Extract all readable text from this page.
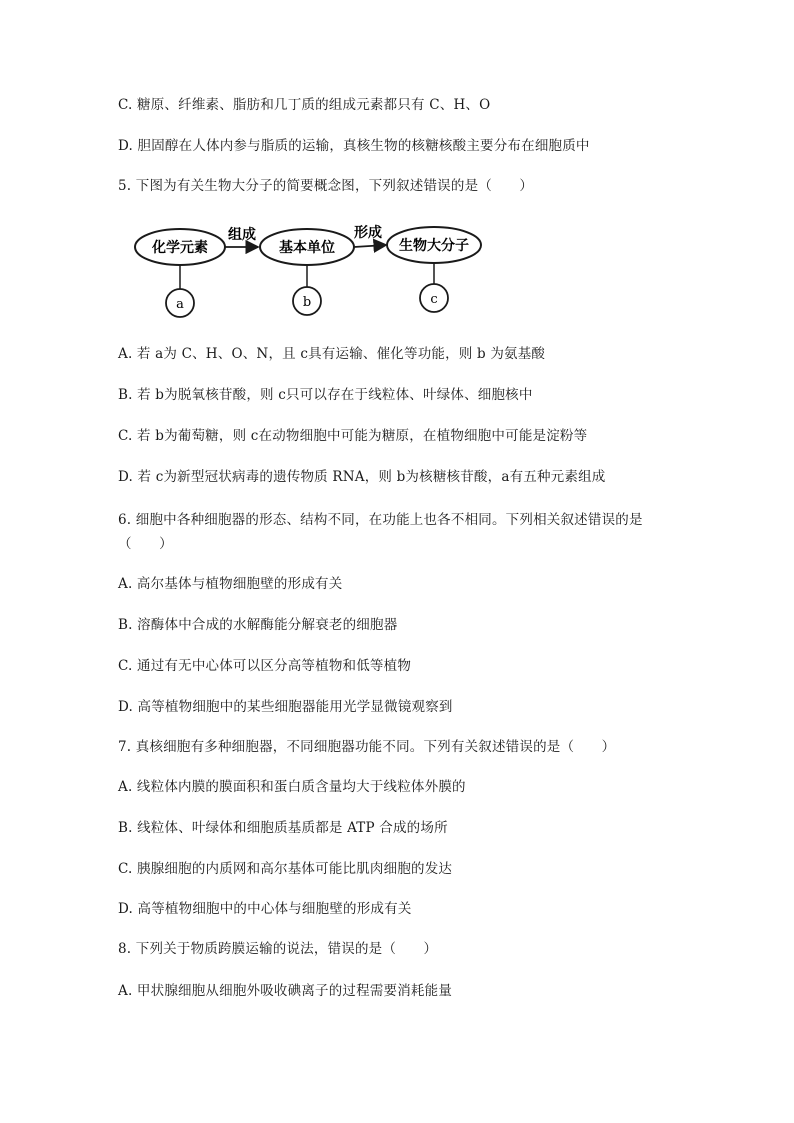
C. 糖原、纤维素、脂肪和几丁质的组成元素都只有 C、H、O
D. 胆固醇在人体内参与脂质的运输，真核生物的核糖核酸主要分布在细胞质中
5. 下图为有关生物大分子的简要概念图，下列叙述错误的是（　　）
化学元素	基本单位	生物大分子
组成	形成
a	b	c
A. 若 a为 C、H、O、N，且 c具有运输、催化等功能，则 b 为氨基酸
B. 若 b为脱氧核苷酸，则 c只可以存在于线粒体、叶绿体、细胞核中
C. 若 b为葡萄糖，则 c在动物细胞中可能为糖原，在植物细胞中可能是淀粉等
D. 若 c为新型冠状病毒的遗传物质 RNA，则 b为核糖核苷酸，a有五种元素组成
6. 细胞中各种细胞器的形态、结构不同，在功能上也各不相同。下列相关叙述错误的是（　　）
A. 高尔基体与植物细胞壁的形成有关
B. 溶酶体中合成的水解酶能分解衰老的细胞器
C. 通过有无中心体可以区分高等植物和低等植物
D. 高等植物细胞中的某些细胞器能用光学显微镜观察到
7. 真核细胞有多种细胞器，不同细胞器功能不同。下列有关叙述错误的是（　　）
A. 线粒体内膜的膜面积和蛋白质含量均大于线粒体外膜的
B. 线粒体、叶绿体和细胞质基质都是 ATP 合成的场所
C. 胰腺细胞的内质网和高尔基体可能比肌肉细胞的发达
D. 高等植物细胞中的中心体与细胞壁的形成有关
8. 下列关于物质跨膜运输的说法，错误的是（　　）
A. 甲状腺细胞从细胞外吸收碘离子的过程需要消耗能量
